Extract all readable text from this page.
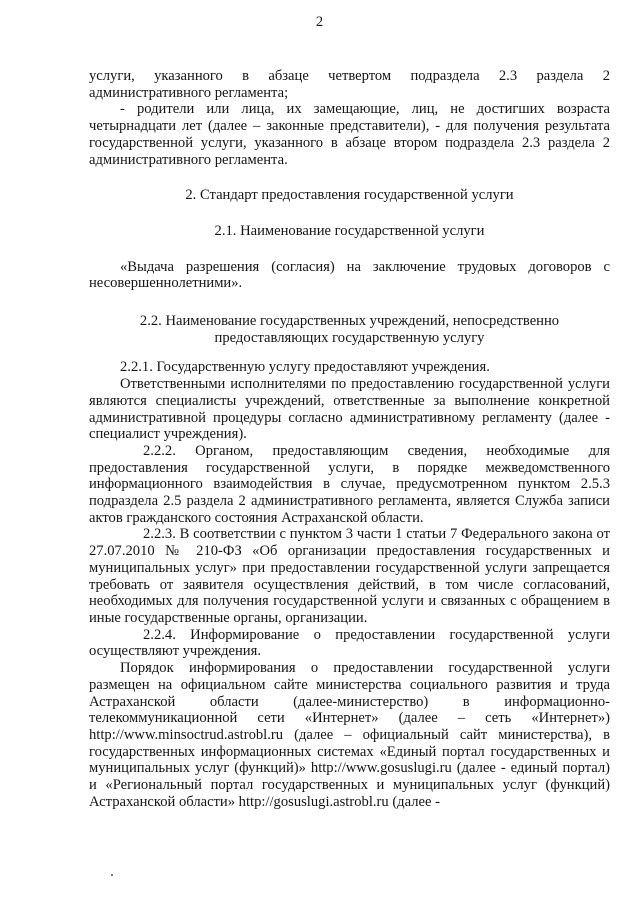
2

услуги, указанного в абзаце четвертом подраздела 2.3 раздела 2 административного регламента;

- родители или лица, их замещающие, лиц, не достигших возраста четырнадцати лет (далее – законные представители), - для получения результата государственной услуги, указанного в абзаце втором подраздела 2.3 раздела 2 административного регламента.

2. Стандарт предоставления государственной услуги

2.1. Наименование государственной услуги

«Выдача разрешения (согласия) на заключение трудовых договоров с несовершеннолетними».

2.2. Наименование государственных учреждений, непосредственно предоставляющих государственную услугу

2.2.1. Государственную услугу предоставляют учреждения.

Ответственными исполнителями по предоставлению государственной услуги являются специалисты учреждений, ответственные за выполнение конкретной административной процедуры согласно административному регламенту (далее - специалист учреждения).

2.2.2. Органом, предоставляющим сведения, необходимые для предоставления государственной услуги, в порядке межведомственного информационного взаимодействия в случае, предусмотренном пунктом 2.5.3 подраздела 2.5 раздела 2 административного регламента, является Служба записи актов гражданского состояния Астраханской области.

2.2.3. В соответствии с пунктом 3 части 1 статьи 7 Федерального закона от 27.07.2010 № 210-ФЗ «Об организации предоставления государственных и муниципальных услуг» при предоставлении государственной услуги запрещается требовать от заявителя осуществления действий, в том числе согласований, необходимых для получения государственной услуги и связанных с обращением в иные государственные органы, организации.

2.2.4. Информирование о предоставлении государственной услуги осуществляют учреждения.

Порядок информирования о предоставлении государственной услуги размещен на официальном сайте министерства социального развития и труда Астраханской области (далее-министерство) в информационно-телекоммуникационной сети «Интернет» (далее – сеть «Интернет») http://www.minsoctrud.astrobl.ru (далее – официальный сайт министерства), в государственных информационных системах «Единый портал государственных и муниципальных услуг (функций)» http://www.gosuslugi.ru (далее - единый портал) и «Региональный портал государственных и муниципальных услуг (функций) Астраханской области» http://gosuslugi.astrobl.ru (далее -
